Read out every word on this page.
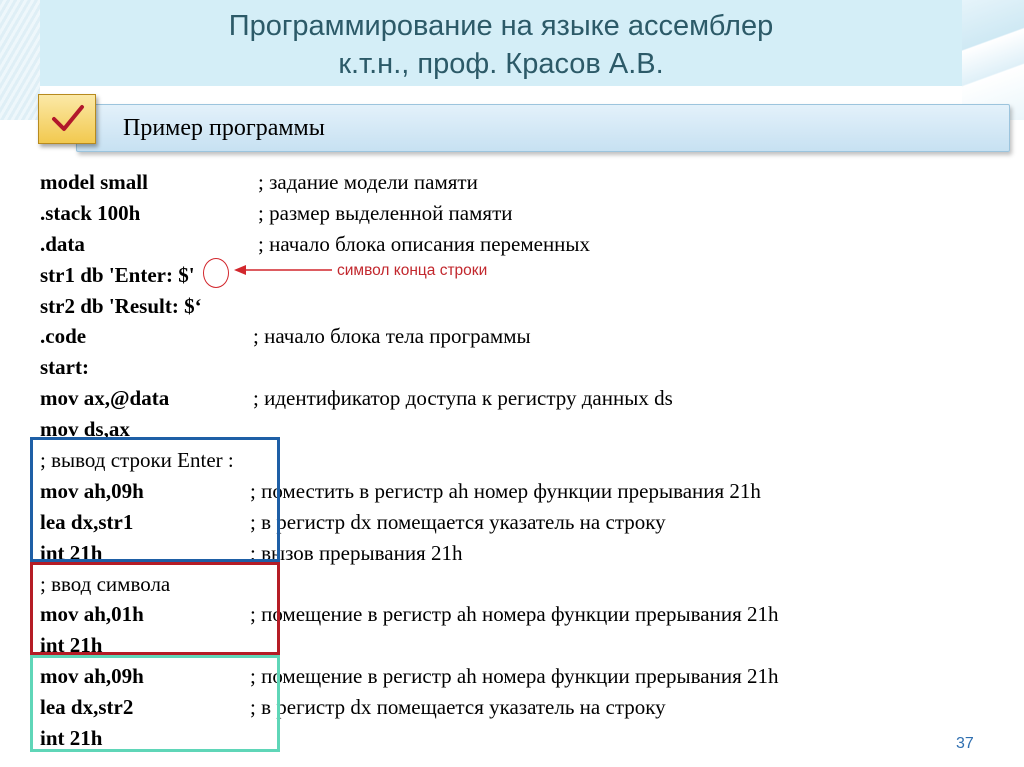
Программирование на языке ассемблер
к.т.н., проф. Красов А.В.
Пример программы
model small	; задание модели памяти
.stack 100h	; размер выделенной памяти
.data	; начало блока описания переменных
str1 db 'Enter: $'
str2 db 'Result: $‘
.code	; начало блока тела программы
start:
mov ax,@data	; идентификатор доступа к регистру данных ds
mov ds,ax
; вывод строки Enter :
mov ah,09h	; поместить в регистр ah номер функции прерывания 21h
lea dx,str1	; в регистр dx помещается указатель на строку
int 21h	; вызов прерывания 21h
; ввод символа
mov ah,01h	; помещение в регистр ah номера функции прерывания 21h
int 21h
mov ah,09h	; помещение в регистр ah номера функции прерывания 21h
lea dx,str2	; в регистр dx помещается указатель на строку
int 21h
символ конца строки
37
